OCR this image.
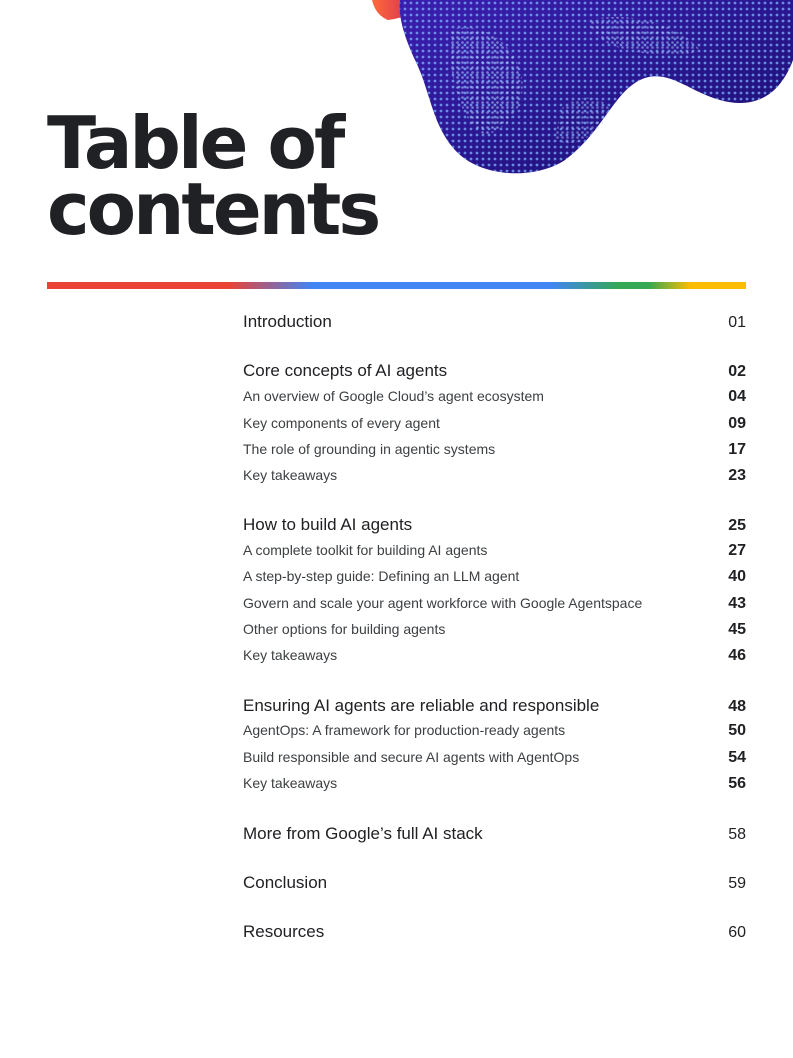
Table of
contents
Introduction	01
Core concepts of AI agents	02
An overview of Google Cloud’s agent ecosystem	04
Key components of every agent	09
The role of grounding in agentic systems	17
Key takeaways	23
How to build AI agents	25
A complete toolkit for building AI agents	27
A step-by-step guide: Defining an LLM agent	40
Govern and scale your agent workforce with Google Agentspace	43
Other options for building agents	45
Key takeaways	46
Ensuring AI agents are reliable and responsible	48
AgentOps: A framework for production-ready agents	50
Build responsible and secure AI agents with AgentOps	54
Key takeaways	56
More from Google’s full AI stack	58
Conclusion	59
Resources	60
